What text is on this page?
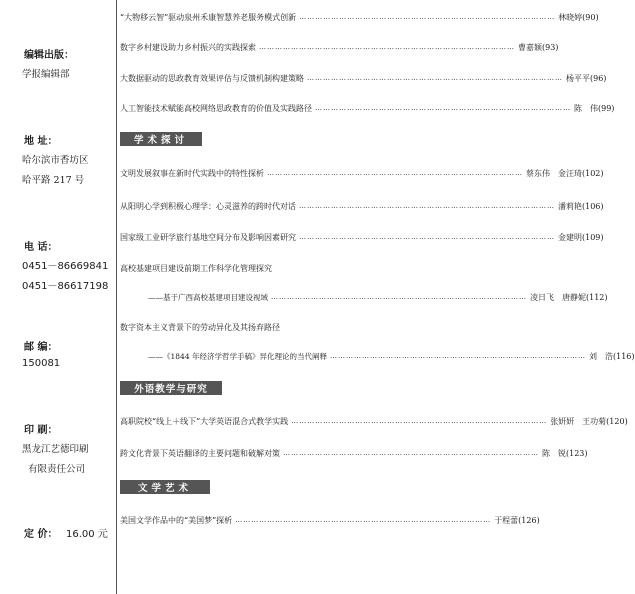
编辑出版：
学报编辑部
地 址：
哈尔滨市香坊区
哈平路 217 号
电 话：
0451－86669841
0451－86617198
邮 编：
150081
印 刷：
黑龙江艺德印刷
有限责任公司
定 价： 16.00 元
“大物移云智”驱动泉州禾康智慧养老服务模式创新 …………………………………………………………………………………… 林晓婷(90)
数字乡村建设助力乡村振兴的实践探索 …………………………………………………………………………………… 曹嘉颖(93)
大数据驱动的思政教育效果评估与反馈机制构建策略 …………………………………………………………………………………… 杨平平(96)
人工智能技术赋能高校网络思政教育的价值及实践路径 …………………………………………………………………………………… 陈　伟(99)
学术探讨
文明发展叙事在新时代实践中的特性探析 …………………………………………………………………………………… 蔡东伟　金汪琦(102)
从阳明心学到积极心理学：心灵滋养的跨时代对话 …………………………………………………………………………………… 潘莉艳(106)
国家级工业研学旅行基地空间分布及影响因素研究 …………………………………………………………………………………… 金建明(109)
高校基建项目建设前期工作科学化管理探究
——基于广西高校基建项目建设视域 …………………………………………………………………………………… 凌日飞　唐静妮(112)
数字资本主义背景下的劳动异化及其扬弃路径
——《1844 年经济学哲学手稿》异化理论的当代阐释 …………………………………………………………………………………… 刘　浩(116)
外语教学与研究
高职院校“线上＋线下”大学英语混合式教学实践 …………………………………………………………………………………… 张妍妍　王功菊(120)
跨文化背景下英语翻译的主要问题和破解对策 …………………………………………………………………………………… 陈　锐(123)
文学艺术
美国文学作品中的“美国梦”探析 …………………………………………………………………………………… 于程蕾(126)
